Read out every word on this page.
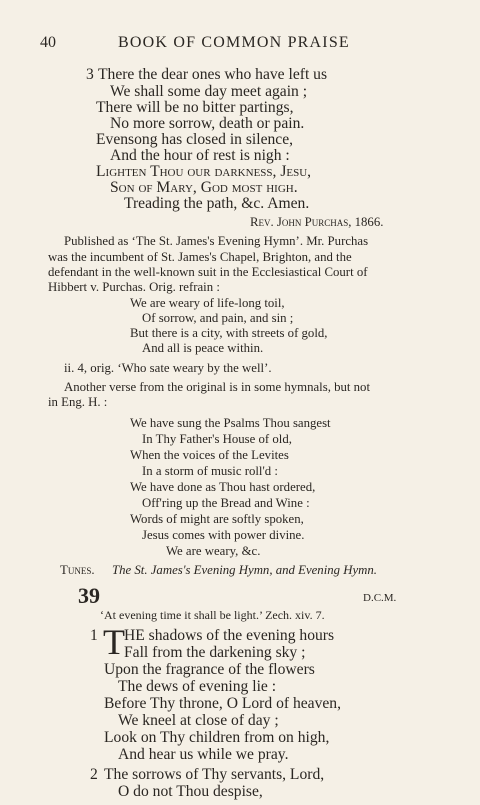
40	BOOK OF COMMON PRAISE
3 There the dear ones who have left us
We shall some day meet again ;
There will be no bitter partings,
No more sorrow, death or pain.
Evensong has closed in silence,
And the hour of rest is nigh :
Lighten Thou our darkness, Jesu,
Son of Mary, God most high.
Treading the path, &c. Amen.
Rev. John Purchas, 1866.
Published as ‘The St. James's Evening Hymn’. Mr. Purchas
was the incumbent of St. James's Chapel, Brighton, and the
defendant in the well-known suit in the Ecclesiastical Court of
Hibbert v. Purchas. Orig. refrain :
We are weary of life-long toil,
Of sorrow, and pain, and sin ;
But there is a city, with streets of gold,
And all is peace within.
ii. 4, orig. ‘Who sate weary by the well’.
Another verse from the original is in some hymnals, but not
in Eng. H. :
We have sung the Psalms Thou sangest
In Thy Father's House of old,
When the voices of the Levites
In a storm of music roll'd :
We have done as Thou hast ordered,
Off'ring up the Bread and Wine :
Words of might are softly spoken,
Jesus comes with power divine.
We are weary, &c.
Tunes. The St. James's Evening Hymn, and Evening Hymn.
39	D.C.M.
‘At evening time it shall be light.’ Zech. xiv. 7.
1 T HE shadows of the evening hours
Fall from the darkening sky ;
Upon the fragrance of the flowers
The dews of evening lie :
Before Thy throne, O Lord of heaven,
We kneel at close of day ;
Look on Thy children from on high,
And hear us while we pray.
2 The sorrows of Thy servants, Lord,
O do not Thou despise,
